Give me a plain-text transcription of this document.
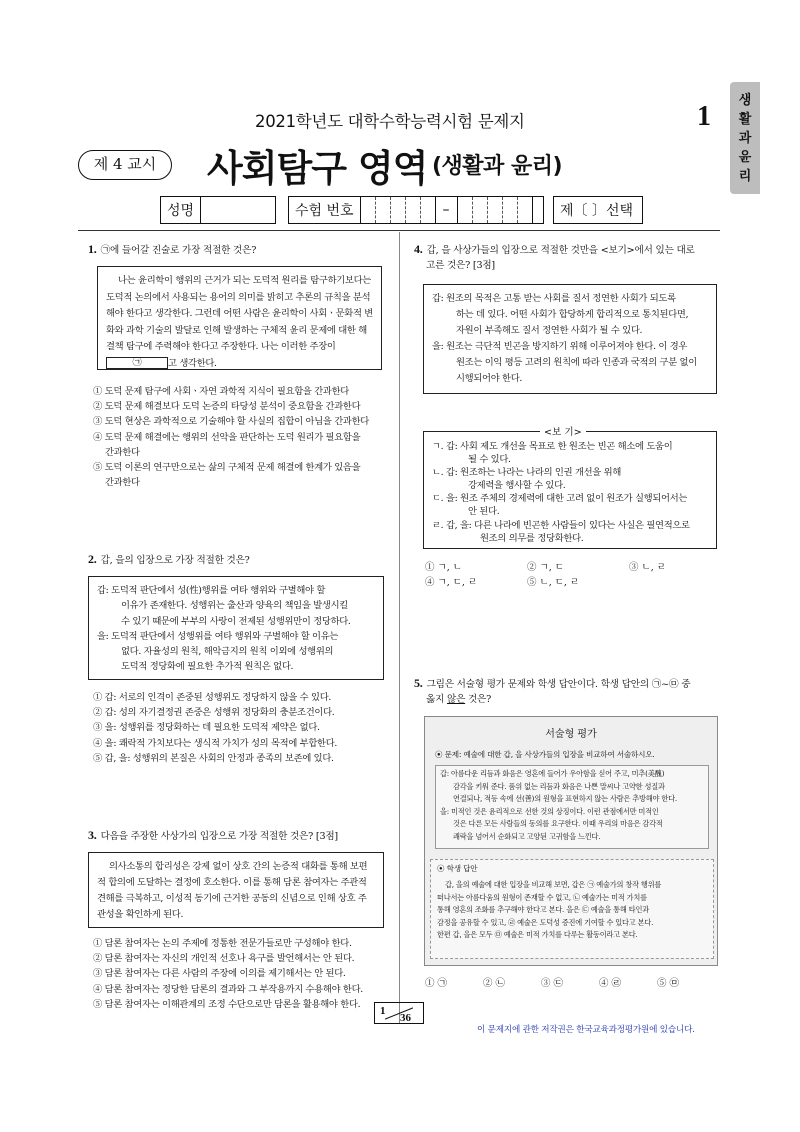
생
활
과
윤
리
2021학년도 대학수학능력시험 문제지	1
제 4 교시	사회탐구 영역 (생활과 윤리)
성명	수험 번호	–	제〔 〕선택
1. ㉠에 들어갈 진술로 가장 적절한 것은?
나는 윤리학이 행위의 근거가 되는 도덕적 원리를 탐구하기보다는 도덕적 논의에서 사용되는 용어의 의미를 밝히고 추론의 규칙을 분석해야 한다고 생각한다. 그런데 어떤 사람은 윤리학이 사회ㆍ문화적 변화와 과학 기술의 발달로 인해 발생하는 구체적 윤리 문제에 대한 해결책 탐구에 주력해야 한다고 주장한다. 나는 이러한 주장이㉠	고 생각한다.
① 도덕 문제 탐구에 사회ㆍ자연 과학적 지식이 필요함을 간과한다
② 도덕 문제 해결보다 도덕 논증의 타당성 분석이 중요함을 간과한다
③ 도덕 현상은 과학적으로 기술해야 할 사실의 집합이 아님을 간과한다
④ 도덕 문제 해결에는 행위의 선악을 판단하는 도덕 원리가 필요함을
간과한다
⑤ 도덕 이론의 연구만으로는 삶의 구체적 문제 해결에 한계가 있음을
간과한다
2. 갑, 을의 입장으로 가장 적절한 것은?
갑: 도덕적 판단에서 성(性)행위를 여타 행위와 구별해야 할
이유가 존재한다. 성행위는 출산과 양육의 책임을 발생시킬
수 있기 때문에 부부의 사랑이 전제된 성행위만이 정당하다.
을: 도덕적 판단에서 성행위를 여타 행위와 구별해야 할 이유는
없다. 자율성의 원칙, 해악금지의 원칙 이외에 성행위의
도덕적 정당화에 필요한 추가적 원칙은 없다.
① 갑: 서로의 인격이 존중된 성행위도 정당하지 않을 수 있다.
② 갑: 성의 자기결정권 존중은 성행위 정당화의 충분조건이다.
③ 을: 성행위를 정당화하는 데 필요한 도덕적 제약은 없다.
④ 을: 쾌락적 가치보다는 생식적 가치가 성의 목적에 부합한다.
⑤ 갑, 을: 성행위의 본질은 사회의 안정과 종족의 보존에 있다.
3. 다음을 주장한 사상가의 입장으로 가장 적절한 것은? [3점]
의사소통의 합리성은 강제 없이 상호 간의 논증적 대화를 통해 보편적 합의에 도달하는 결정에 호소한다. 이를 통해 담론 참여자는 주관적 견해를 극복하고, 이성적 동기에 근거한 공동의 신념으로 인해 상호 주관성을 확인하게 된다.
① 담론 참여자는 논의 주제에 정통한 전문가들로만 구성해야 한다.
② 담론 참여자는 자신의 개인적 선호나 욕구를 발언해서는 안 된다.
③ 담론 참여자는 다른 사람의 주장에 이의를 제기해서는 안 된다.
④ 담론 참여자는 정당한 담론의 결과와 그 부작용까지 수용해야 한다.
⑤ 담론 참여자는 이해관계의 조정 수단으로만 담론을 활용해야 한다.
4. 갑, 을 사상가들의 입장으로 적절한 것만을 <보기>에서 있는 대로
고른 것은? [3점]
갑: 원조의 목적은 고통 받는 사회를 질서 정연한 사회가 되도록
하는 데 있다. 어떤 사회가 합당하게 합리적으로 통치된다면,
자원이 부족해도 질서 정연한 사회가 될 수 있다.
을: 원조는 극단적 빈곤을 방지하기 위해 이루어져야 한다. 이 경우
원조는 이익 평등 고려의 원칙에 따라 인종과 국적의 구분 없이
시행되어야 한다.
ㄱ. 갑: 사회 제도 개선을 목표로 한 원조는 빈곤 해소에 도움이
될 수 있다.
ㄴ. 갑: 원조하는 나라는 나라의 인권 개선을 위해
강제력을 행사할 수 있다.
ㄷ. 을: 원조 주체의 경제력에 대한 고려 없이 원조가 실행되어서는
안 된다.
ㄹ. 갑, 을: 다른 나라에 빈곤한 사람들이 있다는 사실은 필연적으로
원조의 의무를 정당화한다.
<보 기>
① ㄱ, ㄴ	② ㄱ, ㄷ	③ ㄴ, ㄹ
④ ㄱ, ㄷ, ㄹ	⑤ ㄴ, ㄷ, ㄹ
5. 그림은 서술형 평가 문제와 학생 답안이다. 학생 답안의 ㉠~㉤ 중
옳지 않은 것은?
서술형 평가
⦿ 문제: 예술에 대한 갑, 을 사상가들의 입장을 비교하여 서술하시오.
갑: 아름다운 리듬과 화음은 영혼에 들어가 우아함을 싣어 주고, 미추(美醜)
감각을 키워 준다. 품위 없는 리듬과 화음은 나쁜 말씨나 고약한 성질과
연결되나, 적등 속에 선(善)의 원형을 표현하지 않는 사람은 추방해야 한다.
을: 미적인 것은 윤리적으로 선한 것의 상징이다. 이런 관점에서만 미적인
것은 다른 모든 사람들의 동의를 요구한다. 이때 우리의 마음은 감각적
쾌락을 넘어서 순화되고 고양된 고귀함을 느낀다.
⦿ 학생 답안
갑, 을의 예술에 대한 입장을 비교해 보면, 갑은 ㉠ 예술가의 창작 행위를
떠나서는 아름다움의 원형이 존재할 수 없고, ㉡ 예술가는 미적 가치를
통해 영혼의 조화를 추구해야 한다고 본다. 을은 ㉢ 예술을 통해 타인과
감정을 공유할 수 있고, ㉣ 예술은 도덕성 증진에 기여할 수 있다고 본다.
한편 갑, 을은 모두 ㉤ 예술은 미적 가치를 다루는 활동이라고 본다.
① ㉠	② ㉡	③ ㉢	④ ㉣	⑤ ㉤
1
36
이 문제지에 관한 저작권은 한국교육과정평가원에 있습니다.
